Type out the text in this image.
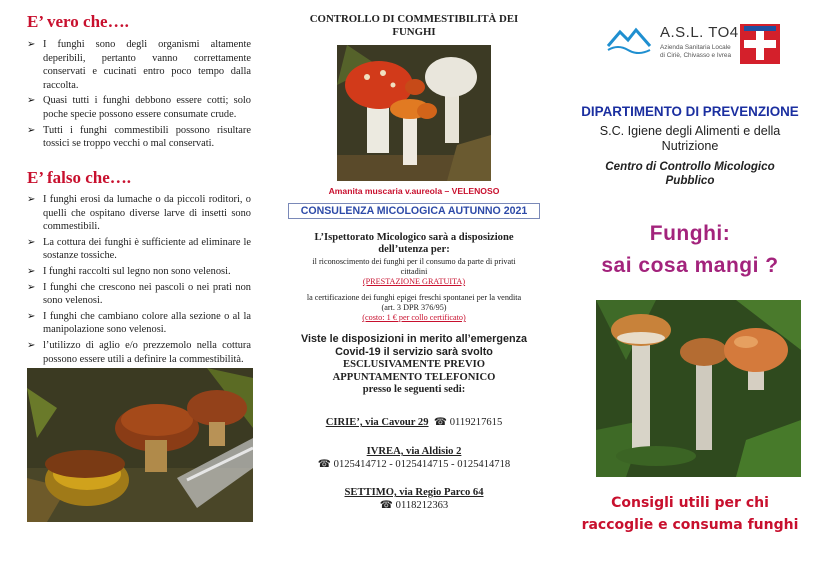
E’ vero che….
➢ I funghi sono degli organismi altamente deperibili, pertanto vanno correttamente conservati e cucinati entro poco tempo dalla raccolta.
➢ Quasi tutti i funghi debbono essere cotti; solo poche specie possono essere consumate crude.
➢ Tutti i funghi commestibili possono risultare tossici se troppo vecchi o mal conservati.
E’ falso che….
➢ I funghi erosi da lumache o da piccoli roditori, o quelli che ospitano diverse larve di insetti sono commestibili.
➢ La cottura dei funghi è sufficiente ad eliminare le sostanze tossiche.
➢ I funghi raccolti sul legno non sono velenosi.
➢ I funghi che crescono nei pascoli o nei prati non sono velenosi.
➢ I funghi che cambiano colore alla sezione o al la manipolazione sono velenosi.
➢ l’utilizzo di aglio e/o prezzemolo nella cottura possono essere utili a definire la commestibilità.
CONTROLLO DI COMMESTIBILITÀ DEI
FUNGHI
Amanita muscaria v.aureola – VELENOSO
CONSULENZA MICOLOGICA AUTUNNO 2021
L’Ispettorato Micologico sarà a disposizione
dell’utenza per:
il riconoscimento dei funghi per il consumo da parte di privati
cittadini
(PRESTAZIONE GRATUITA)
la certificazione dei funghi epigei freschi spontanei per la vendita
(art. 3 DPR 376/95)
(costo: 1 € per collo certificato)
Viste le disposizioni in merito all’emergenza
Covid-19 il servizio sarà svolto
ESCLUSIVAMENTE PREVIO
APPUNTAMENTO TELEFONICO
presso le seguenti sedi:
CIRIE’, via Cavour 29  ☎ 0119217615
IVREA, via Aldisio 2
☎ 0125414712 - 0125414715 - 0125414718
SETTIMO, via Regio Parco 64
☎ 0118212363
A.S.L. TO4
Azienda Sanitaria Locale
di Ciriè, Chivasso e Ivrea
DIPARTIMENTO DI PREVENZIONE
S.C. Igiene degli Alimenti e della
Nutrizione
Centro di Controllo Micologico
Pubblico
Funghi:
sai cosa mangi ?
Consigli utili per chi
raccoglie e consuma funghi
